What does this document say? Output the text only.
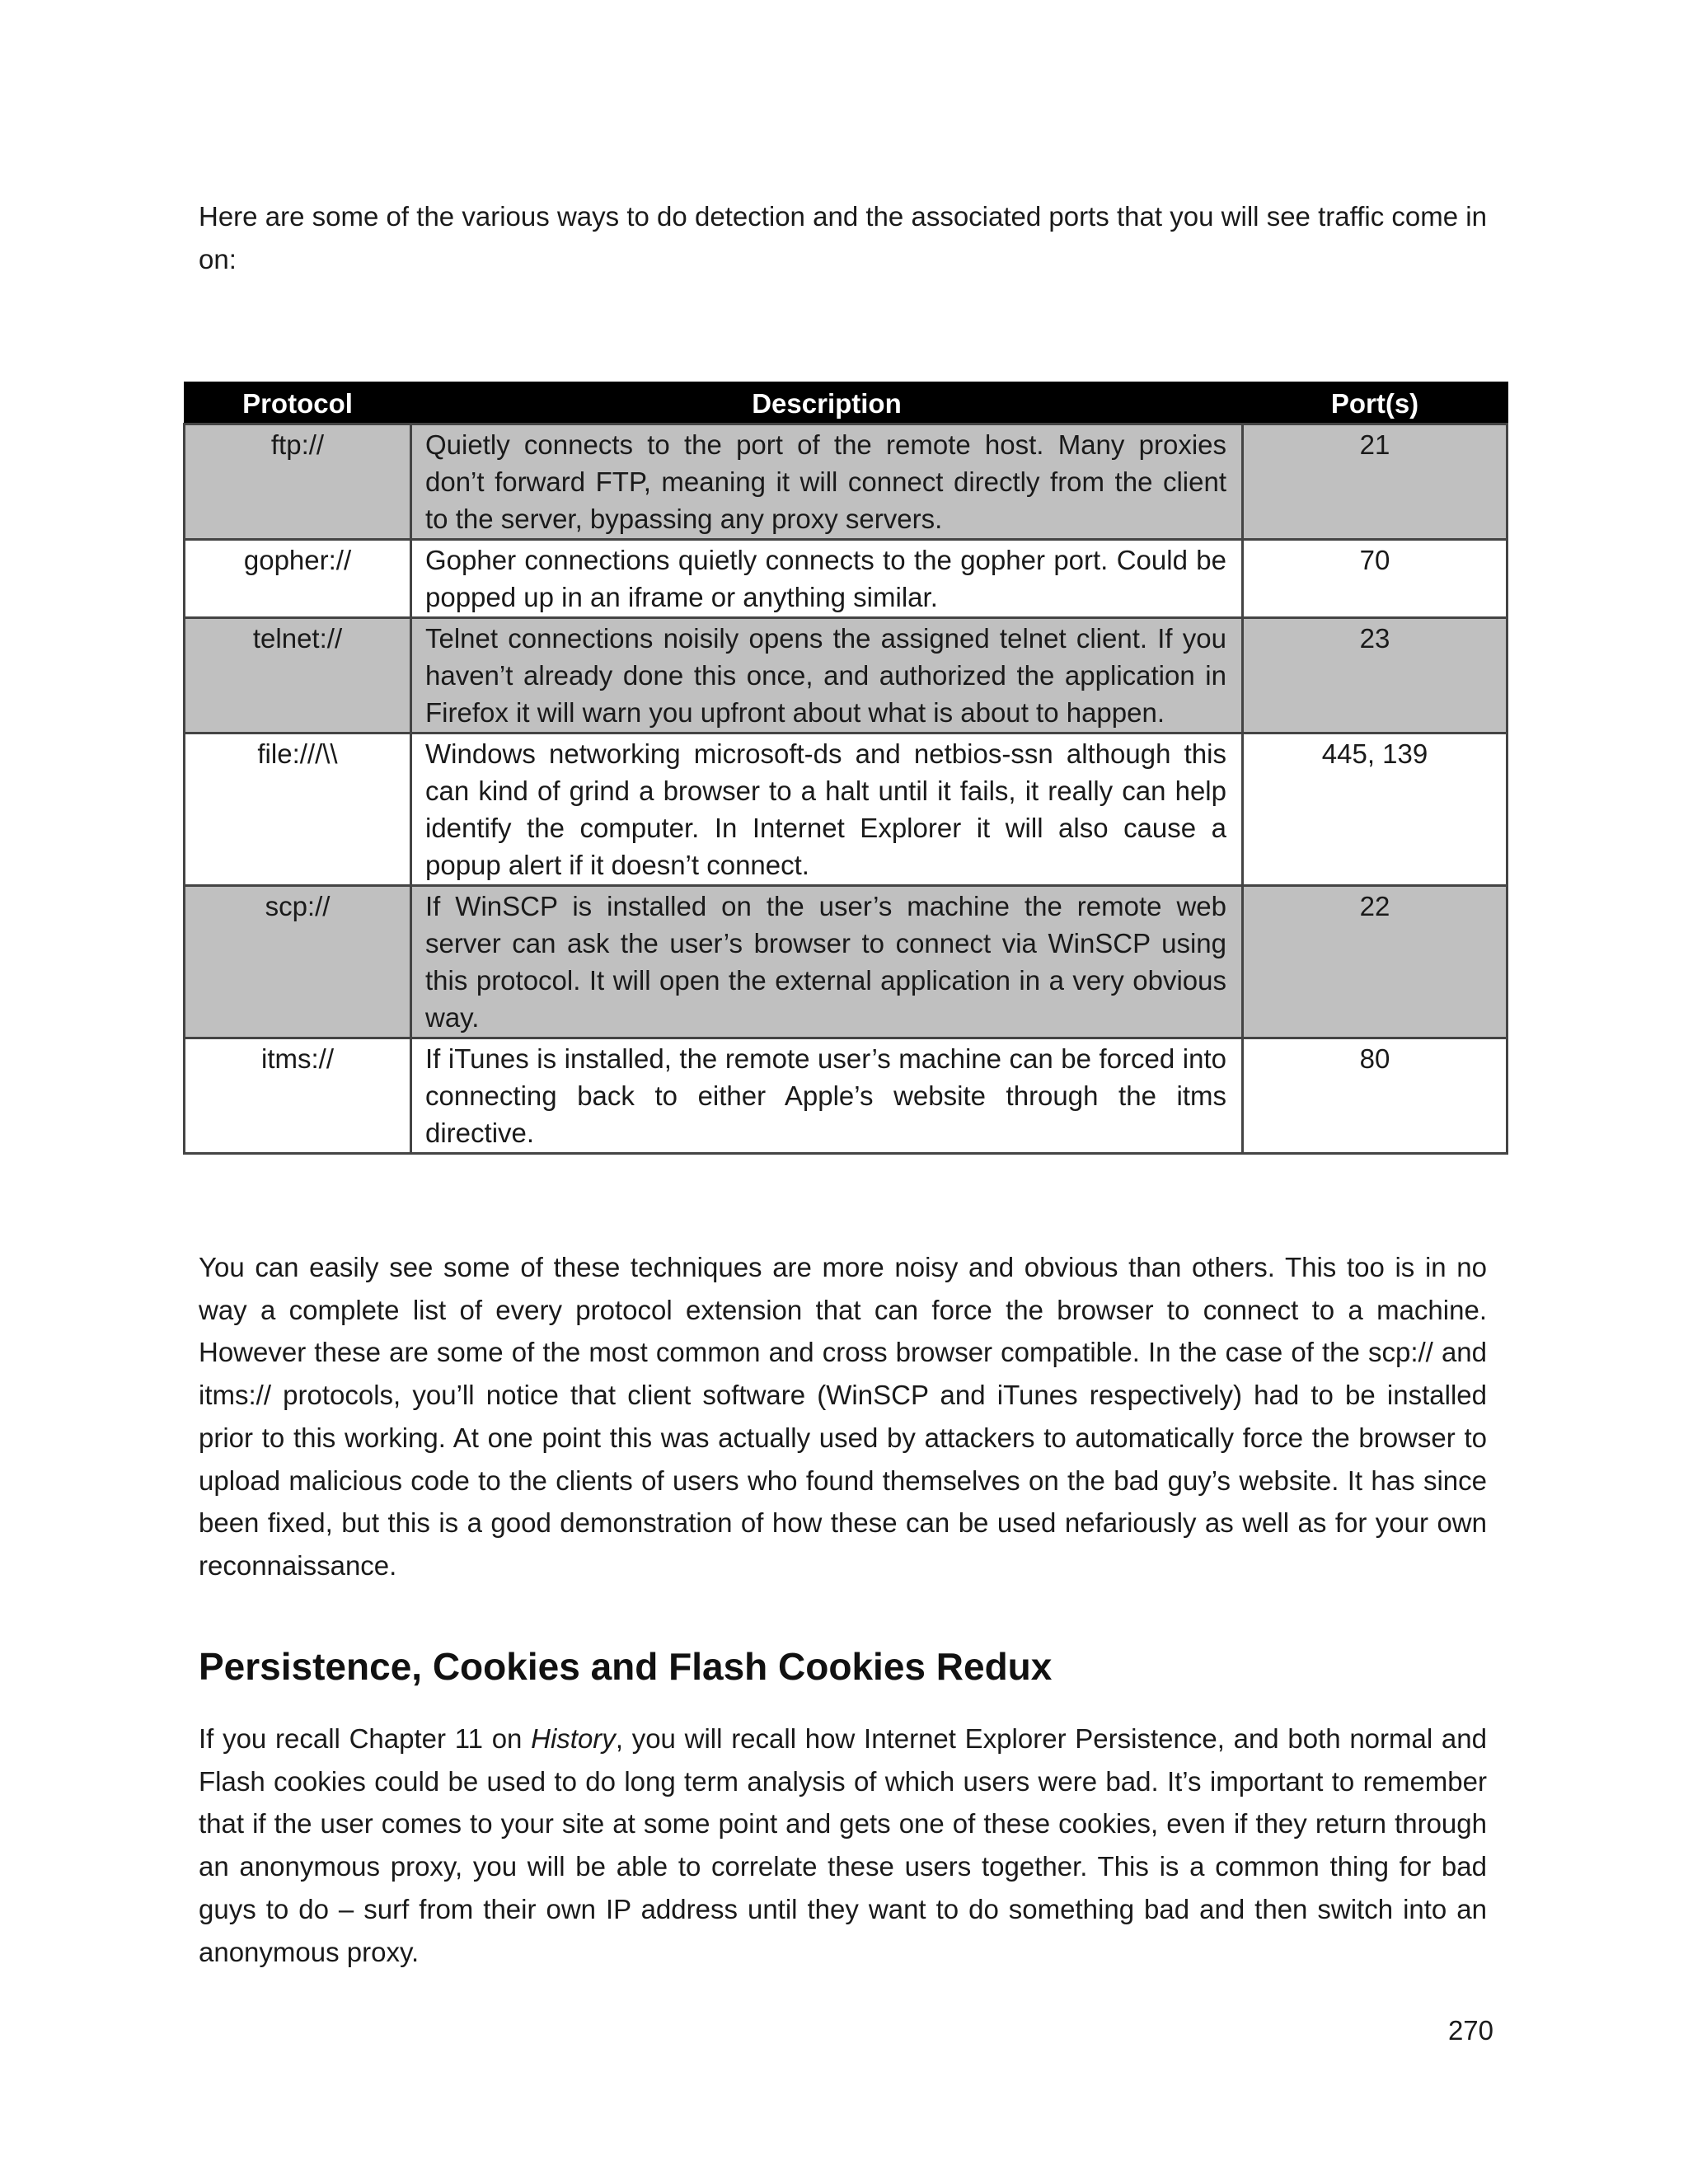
Here are some of the various ways to do detection and the associated ports that you will see traffic come in on:

Protocol	Description	Port(s)
ftp://	Quietly connects to the port of the remote host. Many proxies don’t forward FTP, meaning it will connect directly from the client to the server, bypassing any proxy servers.	21
gopher://	Gopher connections quietly connects to the gopher port. Could be popped up in an iframe or anything similar.	70
telnet://	Telnet connections noisily opens the assigned telnet client. If you haven’t already done this once, and authorized the application in Firefox it will warn you upfront about what is about to happen.	23
file:///\\	Windows networking microsoft-ds and netbios-ssn although this can kind of grind a browser to a halt until it fails, it really can help identify the computer. In Internet Explorer it will also cause a popup alert if it doesn’t connect.	445, 139
scp://	If WinSCP is installed on the user’s machine the remote web server can ask the user’s browser to connect via WinSCP using this protocol. It will open the external application in a very obvious way.	22
itms://	If iTunes is installed, the remote user’s machine can be forced into connecting back to either Apple’s website through the itms directive.	80

You can easily see some of these techniques are more noisy and obvious than others. This too is in no way a complete list of every protocol extension that can force the browser to connect to a machine. However these are some of the most common and cross browser compatible. In the case of the scp:// and itms:// protocols, you’ll notice that client software (WinSCP and iTunes respectively) had to be installed prior to this working. At one point this was actually used by attackers to automatically force the browser to upload malicious code to the clients of users who found themselves on the bad guy’s website. It has since been fixed, but this is a good demonstration of how these can be used nefariously as well as for your own reconnaissance.

Persistence, Cookies and Flash Cookies Redux

If you recall Chapter 11 on History, you will recall how Internet Explorer Persistence, and both normal and Flash cookies could be used to do long term analysis of which users were bad. It’s important to remember that if the user comes to your site at some point and gets one of these cookies, even if they return through an anonymous proxy, you will be able to correlate these users together. This is a common thing for bad guys to do – surf from their own IP address until they want to do something bad and then switch into an anonymous proxy.

270
